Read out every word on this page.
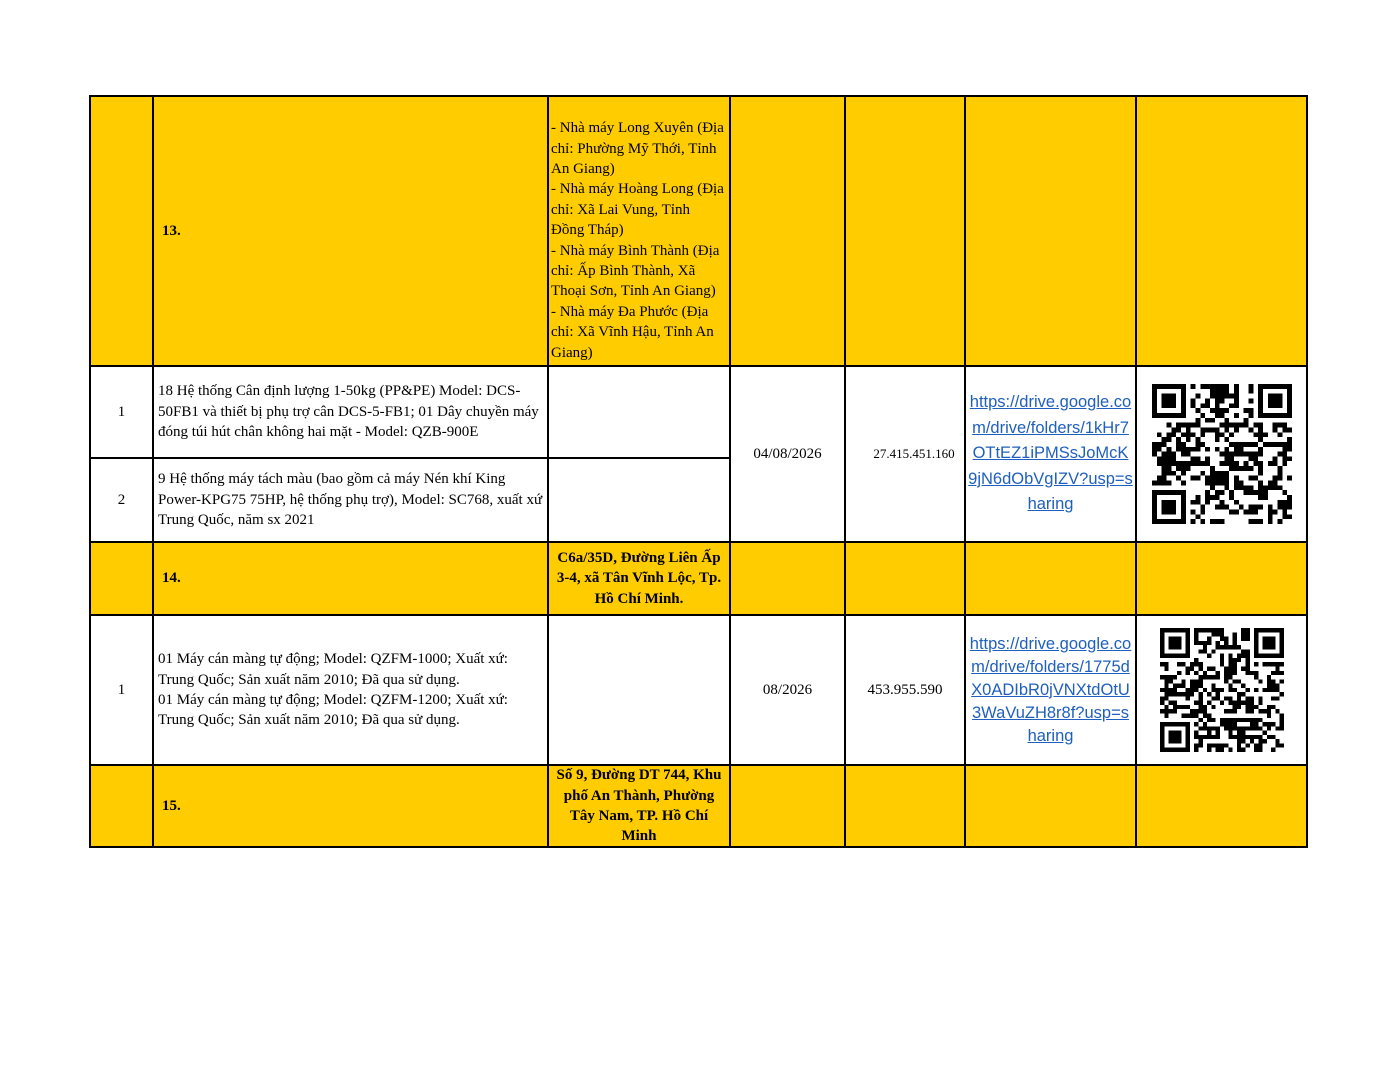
13.
- Nhà máy Long Xuyên (Địa chỉ: Phường Mỹ Thới, Tỉnh An Giang)
- Nhà máy Hoàng Long (Địa chỉ: Xã Lai Vung, Tỉnh Đồng Tháp)
- Nhà máy Bình Thành (Địa chỉ: Ấp Bình Thành, Xã Thoại Sơn, Tỉnh An Giang)
- Nhà máy Đa Phước (Địa chỉ: Xã Vĩnh Hậu, Tỉnh An Giang)
1
18 Hệ thống Cân định lượng 1-50kg (PP&PE) Model: DCS-50FB1 và thiết bị phụ trợ cân DCS-5-FB1; 01 Dây chuyền máy đóng túi hút chân không hai mặt - Model: QZB-900E
2
9 Hệ thống máy tách màu (bao gồm cả máy Nén khí King Power-KPG75 75HP, hệ thống phụ trợ), Model: SC768, xuất xứ Trung Quốc, năm sx 2021
04/08/2026	27.415.451.160
https://drive.google.com/drive/folders/1kHr7OTtEZ1iPMSsJoMcK9jN6dObVgIZV?usp=sharing
14.
C6a/35D, Đường Liên Ấp 3-4, xã Tân Vĩnh Lộc, Tp. Hồ Chí Minh.
1
01 Máy cán màng tự động; Model: QZFM-1000; Xuất xứ: Trung Quốc; Sản xuất năm 2010; Đã qua sử dụng.
01 Máy cán màng tự động; Model: QZFM-1200; Xuất xứ: Trung Quốc; Sản xuất năm 2010; Đã qua sử dụng.
08/2026	453.955.590
https://drive.google.com/drive/folders/1775dX0ADIbR0jVNXtdOtU3WaVuZH8r8f?usp=sharing
15.
Số 9, Đường DT 744, Khu phố An Thành, Phường Tây Nam, TP. Hồ Chí Minh
